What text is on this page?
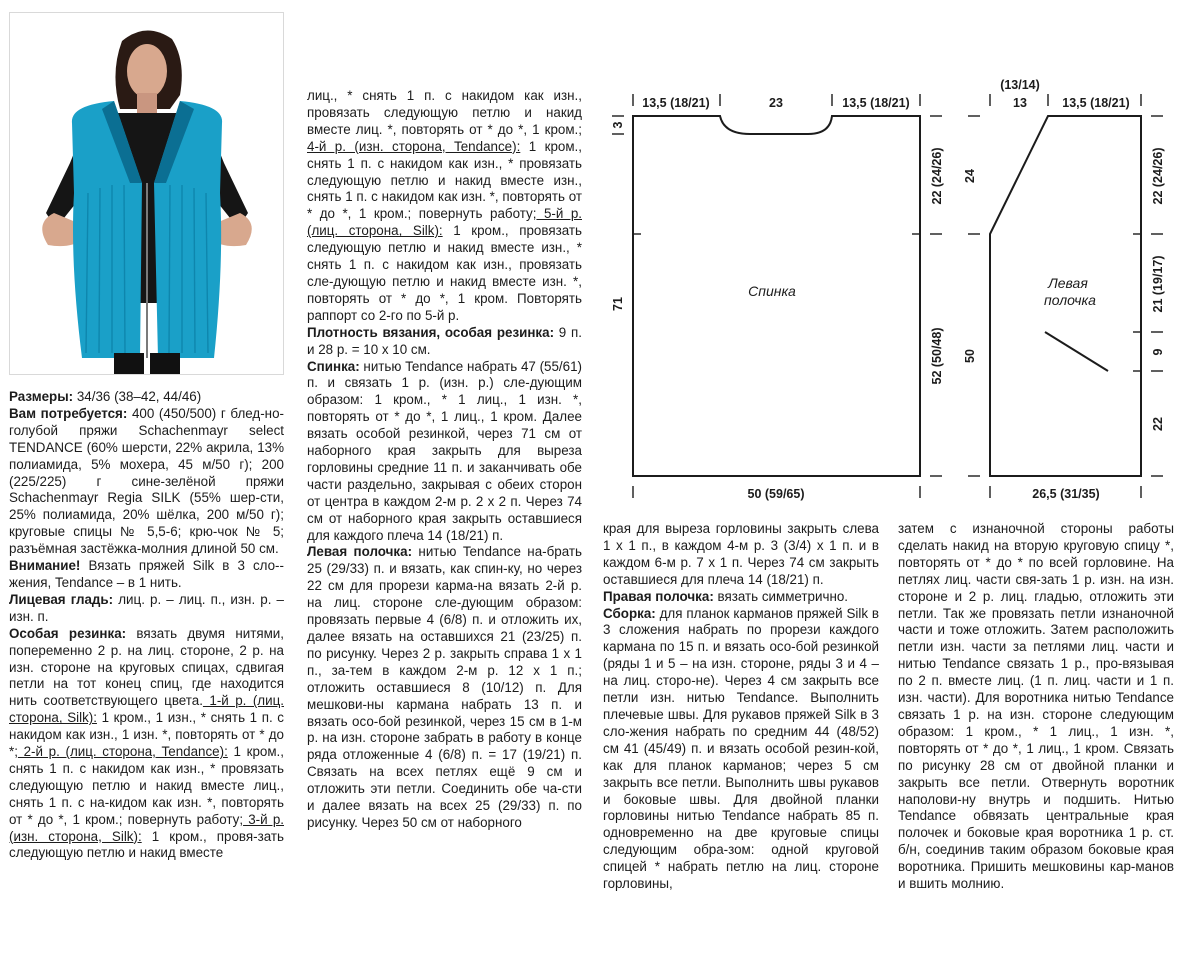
13,5 (18/21)	23	13,5 (18/21)
3
71
22 (24/26)
52 (50/48)
50 (59/65)
Спинка
(13/14)
13	13,5 (18/21)
24
50
22 (24/26)
21 (19/17)
9
22
26,5 (31/35)
Левая
полочка

Размеры: 34/36 (38–42, 44/46)

Вам потребуется: 400 (450/500) г блед-но-голубой пряжи Schachenmayr select TENDANCE (60% шерсти, 22% акрила, 13% полиамида, 5% мохера, 45 м/50 г); 200 (225/225) г сине-зелёной пряжи Schachenmayr Regia SILK (55% шер-сти, 25% полиамида, 20% шёлка, 200 м/50 г); круговые спицы № 5,5-6; крю-чок № 5; разъёмная застёжка-молния длиной 50 см.

Внимание! Вязать пряжей Silk в 3 сло-жения, Tendance – в 1 нить.

Лицевая гладь: лиц. р. – лиц. п., изн. р. – изн. п.

Особая резинка: вязать двумя нитями, попеременно 2 р. на лиц. стороне, 2 р. на изн. стороне на круговых спицах, сдвигая петли на тот конец спиц, где находится нить соответствующего цвета. 1-й р. (лиц. сторона, Silk): 1 кром., 1 изн., * снять 1 п. с накидом как изн., 1 изн. *, повторять от * до *; 2-й р. (лиц. сторона, Tendance): 1 кром., снять 1 п. с накидом как изн., * провязать следующую петлю и накид вместе лиц., снять 1 п. с на-кидом как изн. *, повторять от * до *, 1 кром.; повернуть работу; 3-й р. (изн. сторона, Silk): 1 кром., провя-зать следующую петлю и накид вместе

лиц., * снять 1 п. с накидом как изн., провязать следующую петлю и накид вместе лиц. *, повторять от * до *, 1 кром.; 4-й р. (изн. сторона, Tendance): 1 кром., снять 1 п. с накидом как изн., * провязать следующую петлю и накид вместе изн., снять 1 п. с накидом как изн. *, повторять от * до *, 1 кром.; повернуть работу; 5-й р. (лиц. сторона, Silk): 1 кром., провязать следующую петлю и накид вместе изн., * снять 1 п. с накидом как изн., провязать сле-дующую петлю и накид вместе изн. *, повторять от * до *, 1 кром. Повторять раппорт со 2-го по 5-й р.

Плотность вязания, особая резинка: 9 п. и 28 р. = 10 х 10 см.

Спинка: нитью Tendance набрать 47 (55/61) п. и связать 1 р. (изн. р.) сле-дующим образом: 1 кром., * 1 лиц., 1 изн. *, повторять от * до *, 1 лиц., 1 кром. Далее вязать особой резинкой, через 71 см от наборного края закрыть для выреза горловины средние 11 п. и заканчивать обе части раздельно, закрывая с обеих сторон от центра в каждом 2-м р. 2 х 2 п. Через 74 см от наборного края закрыть оставшиеся для каждого плеча 14 (18/21) п.

Левая полочка: нитью Tendance на-брать 25 (29/33) п. и вязать, как спин-ку, но через 22 см для прорези карма-на вязать 2-й р. на лиц. стороне сле-дующим образом: провязать первые 4 (6/8) п. и отложить их, далее вязать на оставшихся 21 (23/25) п. по рисунку. Через 2 р. закрыть справа 1 х 1 п., за-тем в каждом 2-м р. 12 х 1 п.; отложить оставшиеся 8 (10/12) п. Для мешкови-ны кармана набрать 13 п. и вязать осо-бой резинкой, через 15 см в 1-м р. на изн. стороне забрать в работу в конце ряда отложенные 4 (6/8) п. = 17 (19/21) п. Связать на всех петлях ещё 9 см и отложить эти петли. Соединить обе ча-сти и далее вязать на всех 25 (29/33) п. по рисунку. Через 50 см от наборного

края для выреза горловины закрыть слева 1 х 1 п., в каждом 4-м р. 3 (3/4) х 1 п. и в каждом 6-м р. 7 х 1 п. Через 74 см закрыть оставшиеся для плеча 14 (18/21) п.

Правая полочка: вязать симметрично.

Сборка: для планок карманов пряжей Silk в 3 сложения набрать по прорези каждого кармана по 15 п. и вязать осо-бой резинкой (ряды 1 и 5 – на изн. стороне, ряды 3 и 4 – на лиц. сторо-не). Через 4 см закрыть все петли изн. нитью Tendance. Выполнить плечевые швы. Для рукавов пряжей Silk в 3 сло-жения набрать по средним 44 (48/52) см 41 (45/49) п. и вязать особой резин-кой, как для планок карманов; через 5 см закрыть все петли. Выполнить швы рукавов и боковые швы. Для двойной планки горловины нитью Tendance набрать 85 п. одновременно на две круговые спицы следующим обра-зом: одной круговой спицей * набрать петлю на лиц. стороне горловины,

затем с изнаночной стороны работы сделать накид на вторую круговую спицу *, повторять от * до * по всей горловине. На петлях лиц. части свя-зать 1 р. изн. на изн. стороне и 2 р. лиц. гладью, отложить эти петли. Так же провязать петли изнаночной части и тоже отложить. Затем расположить петли изн. части за петлями лиц. части и нитью Tendance связать 1 р., про-вязывая по 2 п. вместе лиц. (1 п. лиц. части и 1 п. изн. части). Для воротника нитью Tendance связать 1 р. на изн. стороне следующим образом: 1 кром., * 1 лиц., 1 изн. *, повторять от * до *, 1 лиц., 1 кром. Связать по рисунку 28 см от двойной планки и закрыть все петли. Отвернуть воротник наполови-ну внутрь и подшить. Нитью Tendance обвязать центральные края полочек и боковые края воротника 1 р. ст. б/н, соединив таким образом боковые края воротника. Пришить мешковины кар-манов и вшить молнию.
